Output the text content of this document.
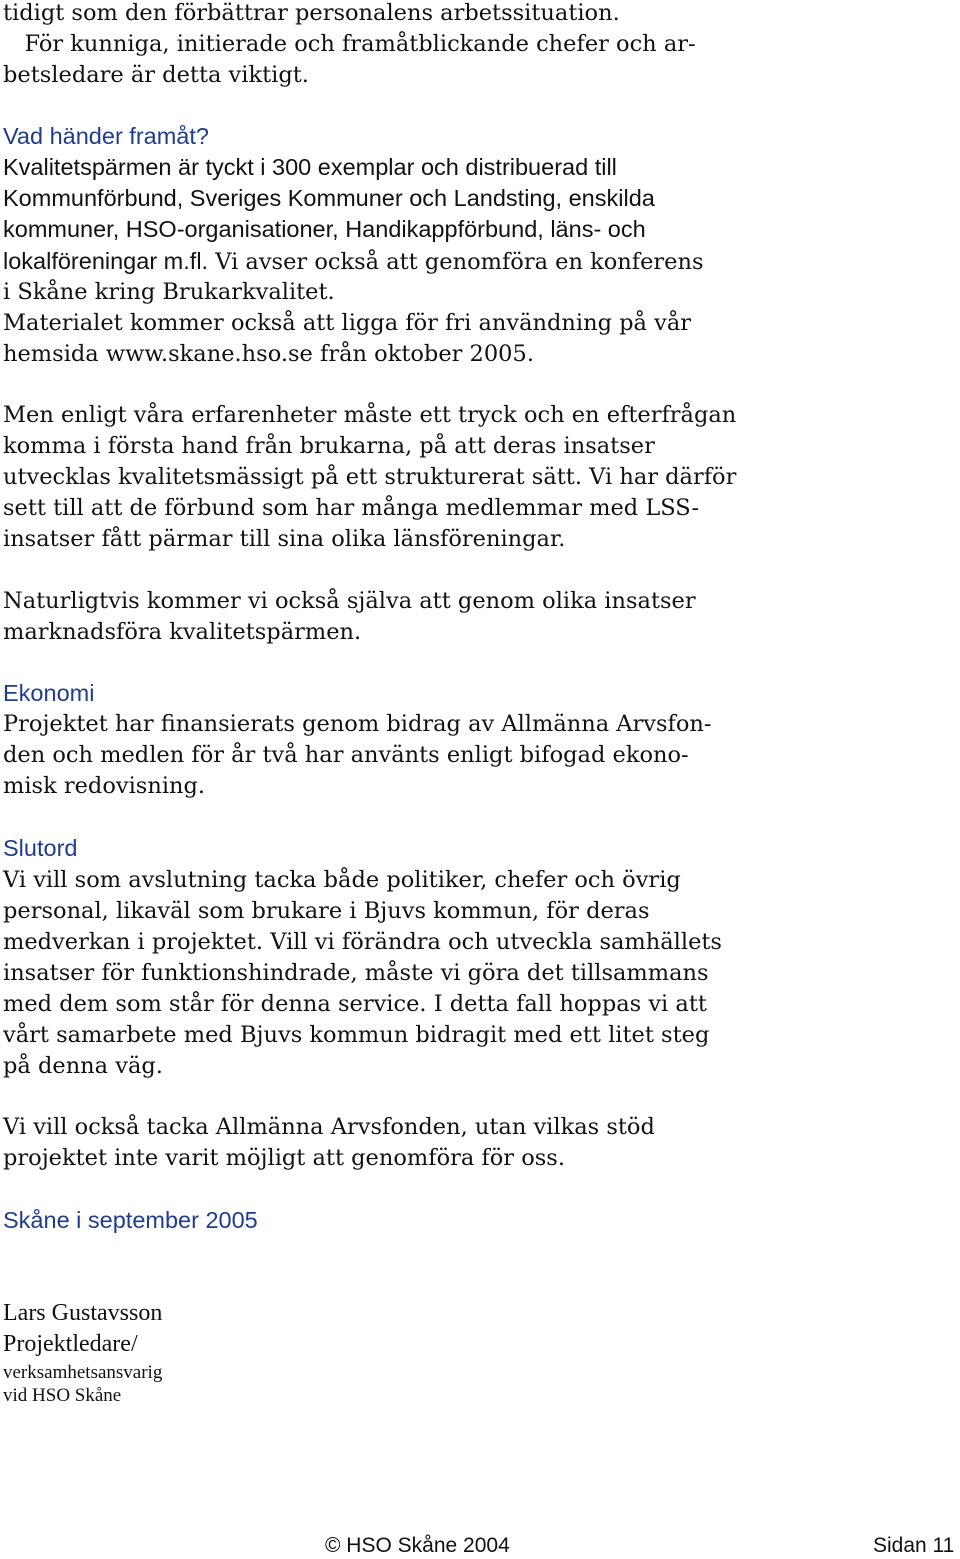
tidigt som den förbättrar personalens arbetssituation.
För kunniga, initierade och framåtblickande chefer och ar-
betsledare är detta viktigt.
Vad händer framåt?
Kvalitetspärmen är tyckt i 300 exemplar och distribuerad till
Kommunförbund, Sveriges Kommuner och Landsting, enskilda
kommuner, HSO-organisationer, Handikappförbund, läns- och
lokalföreningar m.fl. Vi avser också att genomföra en konferens
i Skåne kring Brukarkvalitet.
Materialet kommer också att ligga för fri användning på vår
hemsida www.skane.hso.se från oktober 2005.
Men enligt våra erfarenheter måste ett tryck och en efterfrågan
komma i första hand från brukarna, på att deras insatser
utvecklas kvalitetsmässigt på ett strukturerat sätt. Vi har därför
sett till att de förbund som har många medlemmar med LSS-
insatser fått pärmar till sina olika länsföreningar.
Naturligtvis kommer vi också själva att genom olika insatser
marknadsföra kvalitetspärmen.
Ekonomi
Projektet har finansierats genom bidrag av Allmänna Arvsfon-
den och medlen för år två har använts enligt bifogad ekono-
misk redovisning.
Slutord
Vi vill som avslutning tacka både politiker, chefer och övrig
personal, likaväl som brukare i Bjuvs kommun, för deras
medverkan i projektet. Vill vi förändra och utveckla samhällets
insatser för funktionshindrade, måste vi göra det tillsammans
med dem som står för denna service. I detta fall hoppas vi att
vårt samarbete med Bjuvs kommun bidragit med ett litet steg
på denna väg.
Vi vill också tacka Allmänna Arvsfonden, utan vilkas stöd
projektet inte varit möjligt att genomföra för oss.
Skåne i september 2005
Lars Gustavsson
Projektledare/
verksamhetsansvarig
vid HSO Skåne
© HSO Skåne 2004	Sidan 11
